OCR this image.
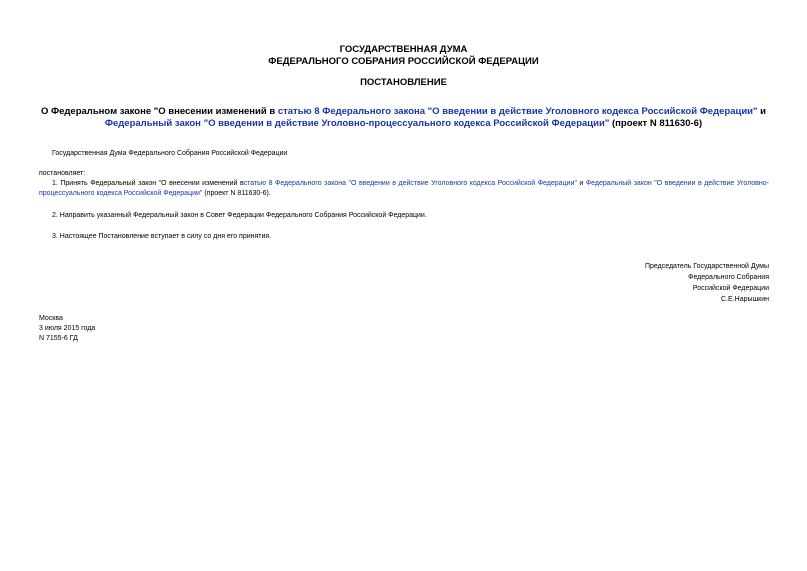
ГОСУДАРСТВЕННАЯ ДУМА
ФЕДЕРАЛЬНОГО СОБРАНИЯ РОССИЙСКОЙ ФЕДЕРАЦИИ
ПОСТАНОВЛЕНИЕ
О Федеральном законе "О внесении изменений в статью 8 Федерального закона "О введении в действие Уголовного кодекса Российской Федерации" и
Федеральный закон "О введении в действие Уголовно-процессуального кодекса Российской Федерации" (проект N 811630-6)
Государственная Дума Федерального Собрания Российской Федерации
постановляет:
1. Принять Федеральный закон "О внесении изменений встатью 8 Федерального закона "О введении в действие Уголовного кодекса Российской Федерации" и Федеральный закон "О введении в действие Уголовно-процессуального кодекса Российской Федерации" (проект N 811630-6).
2. Направить указанный Федеральный закон в Совет Федерации Федерального Собрания Российской Федерации.
3. Настоящее Постановление вступает в силу со дня его принятия.
Председатель Государственной Думы
Федерального Собрания
Российской Федерации
С.Е.Нарышкин
Москва
3 июля 2015 года
N 7155-6 ГД
